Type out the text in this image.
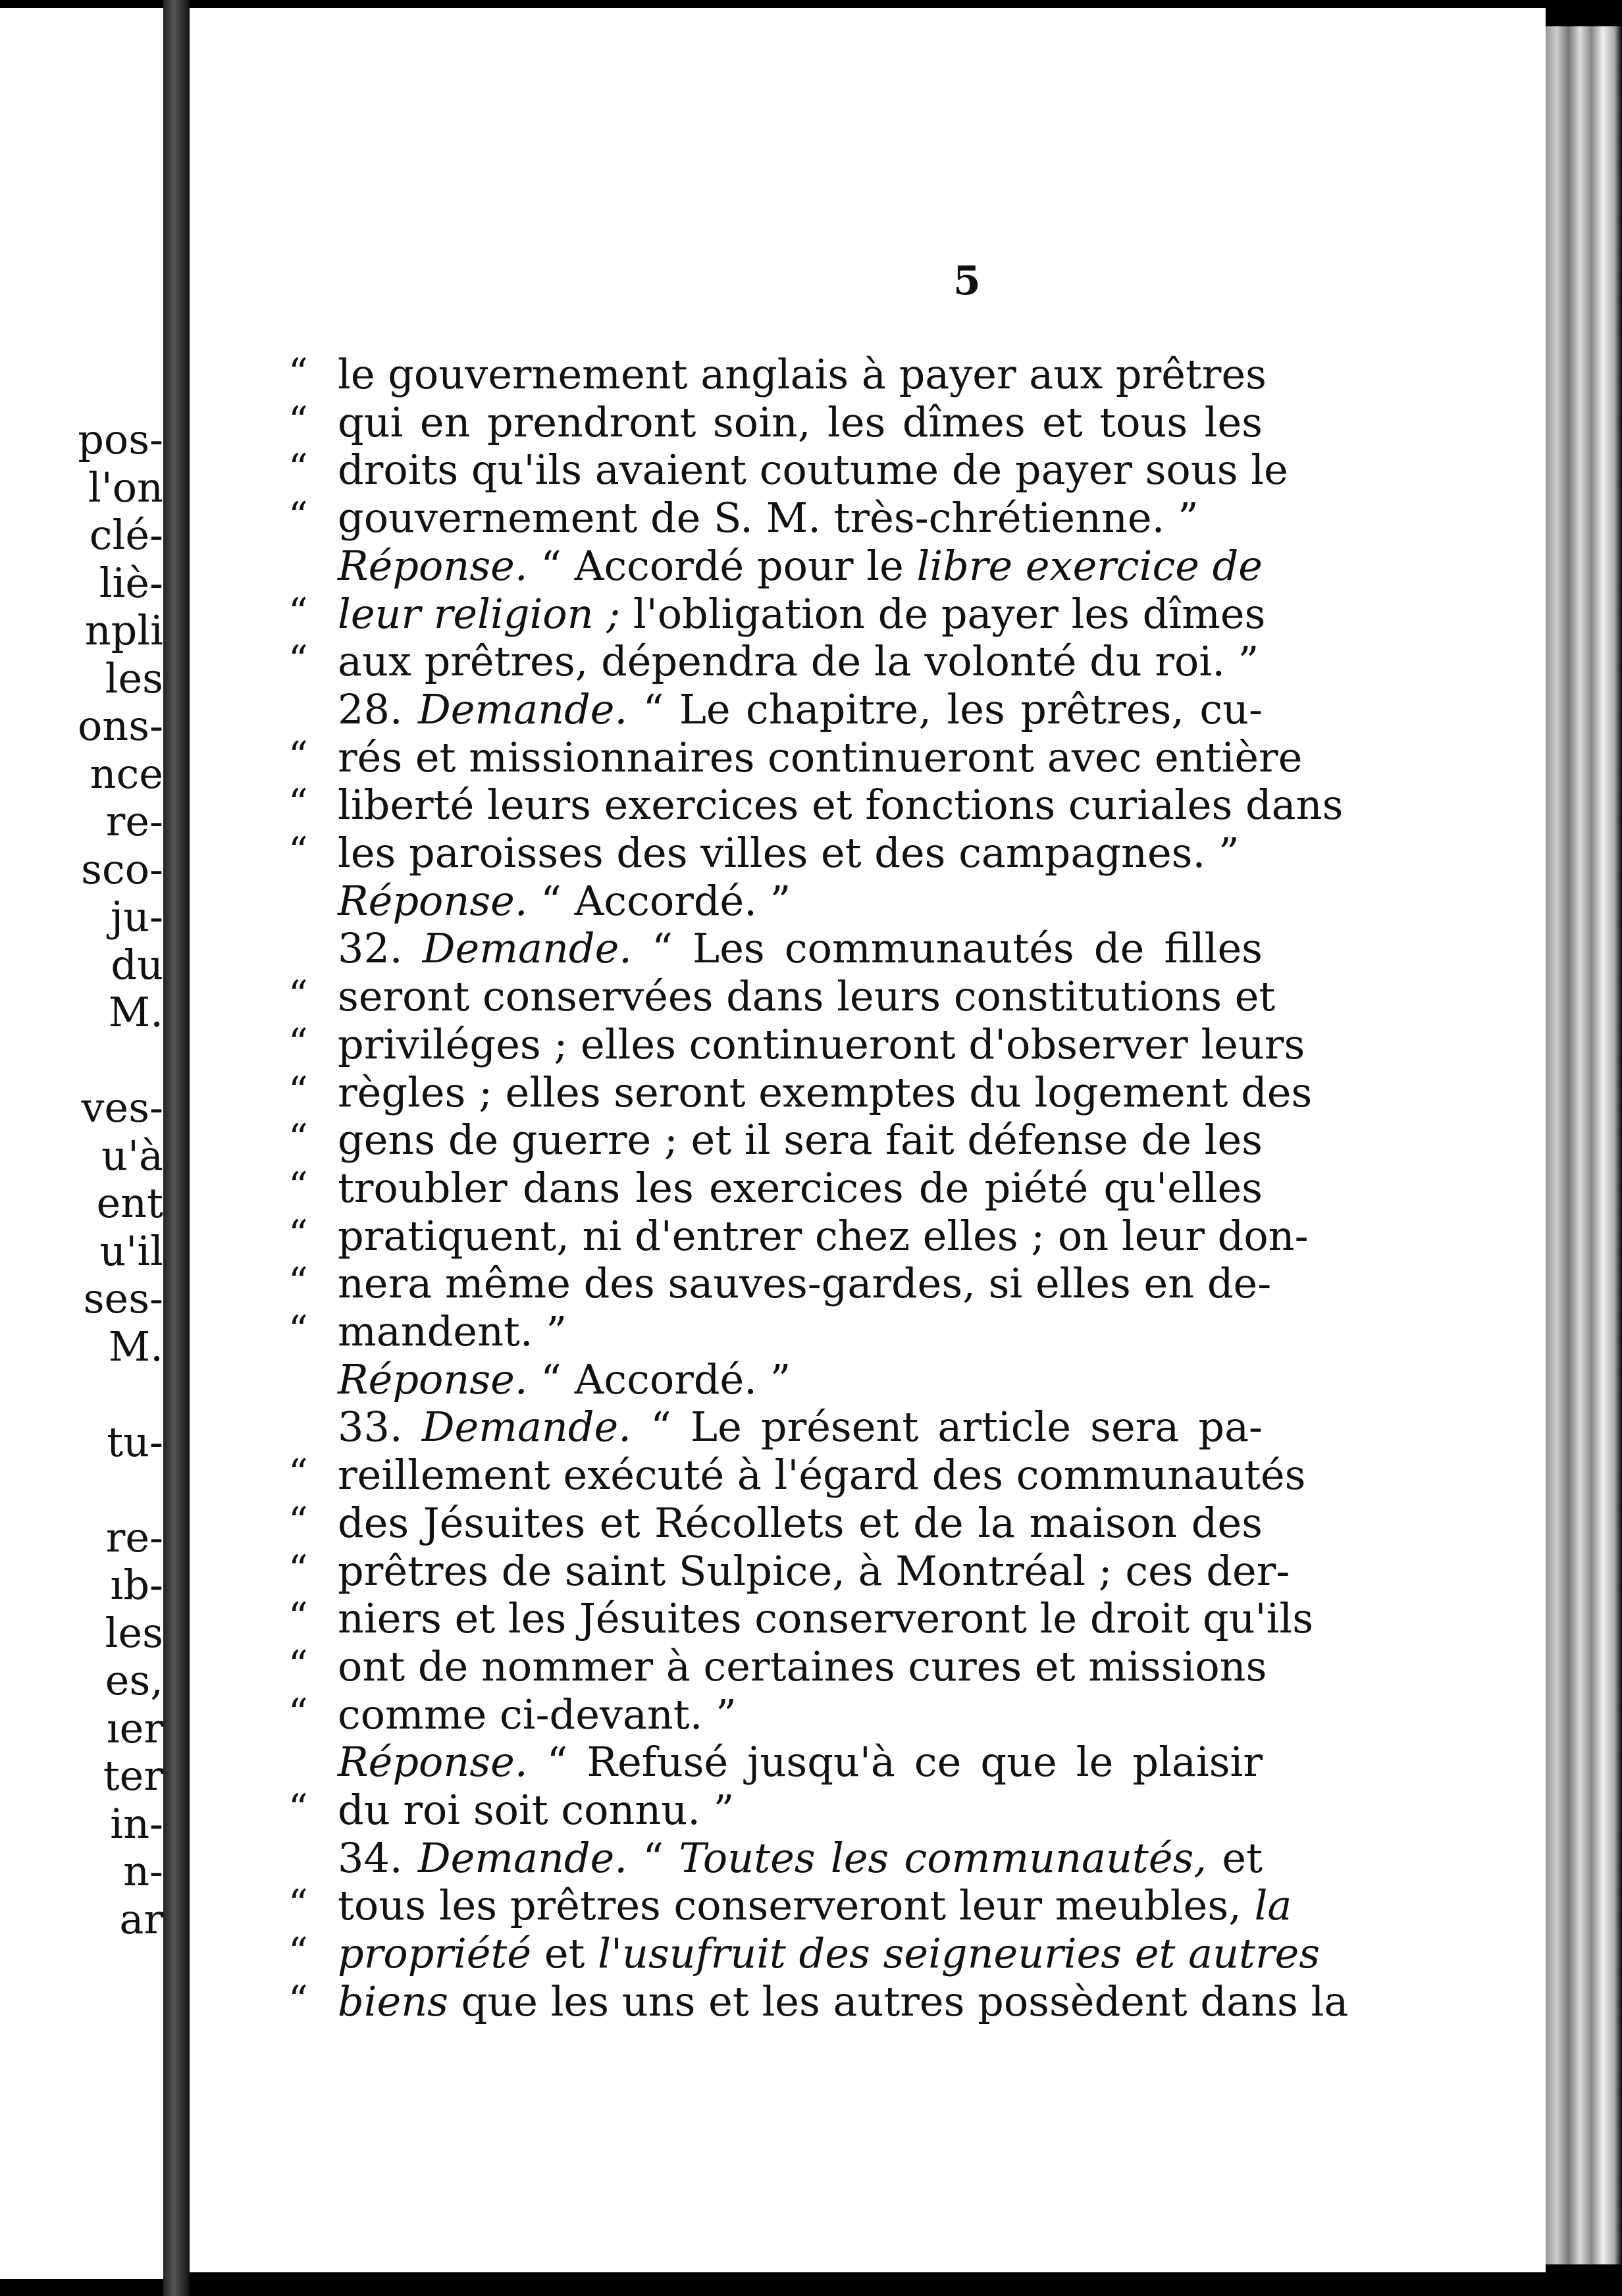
pos-
l'on
clé-
liè-
npli
les
ons-
nce
re-
sco-
ju-
du
M.
ves-
u'à
ent
u'il
ses-
M.
tu-
re-
ıb-
les
es,
ıer
ter
in-
n-
ar
5
“ le gouvernement anglais à payer aux prêtres
“ qui en prendront soin, les dîmes et tous les
“ droits qu'ils avaient coutume de payer sous le
“ gouvernement de S. M. très-chrétienne. ”
Réponse. “ Accordé pour le libre exercice de
“ leur religion ; l'obligation de payer les dîmes
“ aux prêtres, dépendra de la volonté du roi. ”
28. Demande. “ Le chapitre, les prêtres, cu-
“ rés et missionnaires continueront avec entière
“ liberté leurs exercices et fonctions curiales dans
“ les paroisses des villes et des campagnes. ”
Réponse. “ Accordé. ”
32. Demande. “ Les communautés de filles
“ seront conservées dans leurs constitutions et
“ priviléges ; elles continueront d'observer leurs
“ règles ; elles seront exemptes du logement des
“ gens de guerre ; et il sera fait défense de les
“ troubler dans les exercices de piété qu'elles
“ pratiquent, ni d'entrer chez elles ; on leur don-
“ nera même des sauves-gardes, si elles en de-
“ mandent. ”
Réponse. “ Accordé. ”
33. Demande. “ Le présent article sera pa-
“ reillement exécuté à l'égard des communautés
“ des Jésuites et Récollets et de la maison des
“ prêtres de saint Sulpice, à Montréal ; ces der-
“ niers et les Jésuites conserveront le droit qu'ils
“ ont de nommer à certaines cures et missions
“ comme ci-devant. ”
Réponse. “ Refusé jusqu'à ce que le plaisir
“ du roi soit connu. ”
34. Demande. “ Toutes les communautés, et
“ tous les prêtres conserveront leur meubles, la
“ propriété et l'usufruit des seigneuries et autres
“ biens que les uns et les autres possèdent dans la
